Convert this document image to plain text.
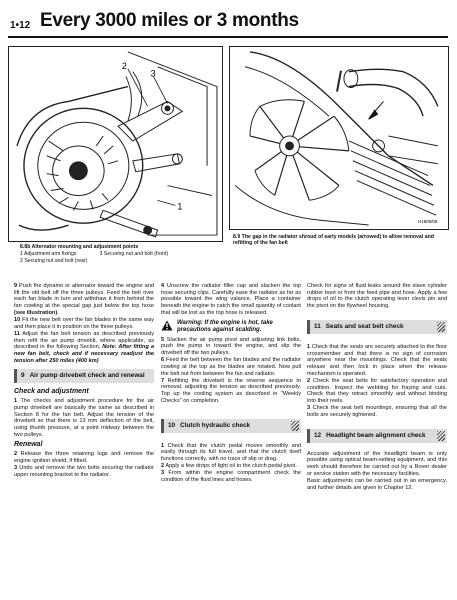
1•12 Every 3000 miles or 3 months
2
3
1
8.8b Alternator mounting and adjustment points
1 Adjustment arm fixings
2 Securing nut and bolt (rear)
3 Securing nut and bolt (front)
H1800/08
8.9 The gap in the radiator shroud of early models (arrowed) to allow removal and refitting of the fan belt

9 Push the dynamo or alternator toward the engine and lift the old belt off the three pulleys. Feed the belt over each fan blade in turn and withdraw it from behind the fan cowling at the special gap just below the top hose (see illustration).

10 Fit the new belt over the fan blades in the same way and then place it in position on the three pulleys.

11 Adjust the fan belt tension as described previously then refit the air pump driveblt, where applicable, as described in the following Section. Note: After fitting a new fan belt, check and if necessary readjust the tension after 250 miles (400 km)

9 Air pump drivebelt check and renewal
Check and adjustment

1 The checks and adjustment procedure for the air pump drivebelt are basically the same as described in Section 8 for the fan belt. Adjust the tension of the drivebelt so that there is 13 mm deflection of the belt, using thumb pressure, at a point midway between the two pulleys.

Renewal

2 Release the three retaining lugs and remove the engine ignition shield, if fitted.

3 Undo and remove the two bolts securing the radiator upper mounting bracket to the radiator.

4 Unscrew the radiator filler cap and slacken the top hose securing clips. Carefully ease the radiator as far as possible toward the wing valance. Place a container beneath the engine to catch the small quantity of coolant that will be lost as the top hose is released.

Warning: If the engine is hot, take precautions against scalding.

5 Slacken the air pump pivot and adjusting link bolts, push the pump in toward the engine, and slip the drivebelt off the two pulleys.

6 Feed the belt between the fan blades and the radiator cowling at the top as the blades are rotated. Now pull the belt out from between the fan and radiator.

7 Refitting the drivebelt is the reverse sequence to removal, adjusting the tension as described previously. Top up the cooling system as described in "Weekly Checks" on completion.

10 Clutch hydraulic check

1 Check that the clutch pedal moves smoothly and easily through its full travel, and that the clutch itself functions correctly, with no trace of slip or drag.

2 Apply a few drops of light oil to the clutch pedal pivot.

3 From within the engine compartment check the condition of the fluid lines and hoses.

Check for signs of fluid leaks around the slave cylinder rubber boot or from the feed pipe and hose. Apply a few drops of oil to the clutch operating lever clevis pin and the pivot on the flywheel housing.

11 Seats and seat belt check

1 Check that the seats are securely attached to the floor crossmember and that there is no sign of corrosion anywhere near the mountings. Check that the seats release and then lock in place when the release mechanism is operated.

2 Check the seat belts for satisfactory operation and condition. Inspect the webbing for fraying and cuts. Check that they retract smoothly and without binding into their reels.

3 Check the seat belt mountings, ensuring that all the bolts are securely tightened.

12 Headlight beam alignment check

Accurate adjustment of the headlight beam is only possible using optical beam-setting equipment, and this work should therefore be carried out by a Rover dealer or service station with the necessary facilities.

Basic adjustments can be carried out in an emergency, and further details are given in Chapter 12.
